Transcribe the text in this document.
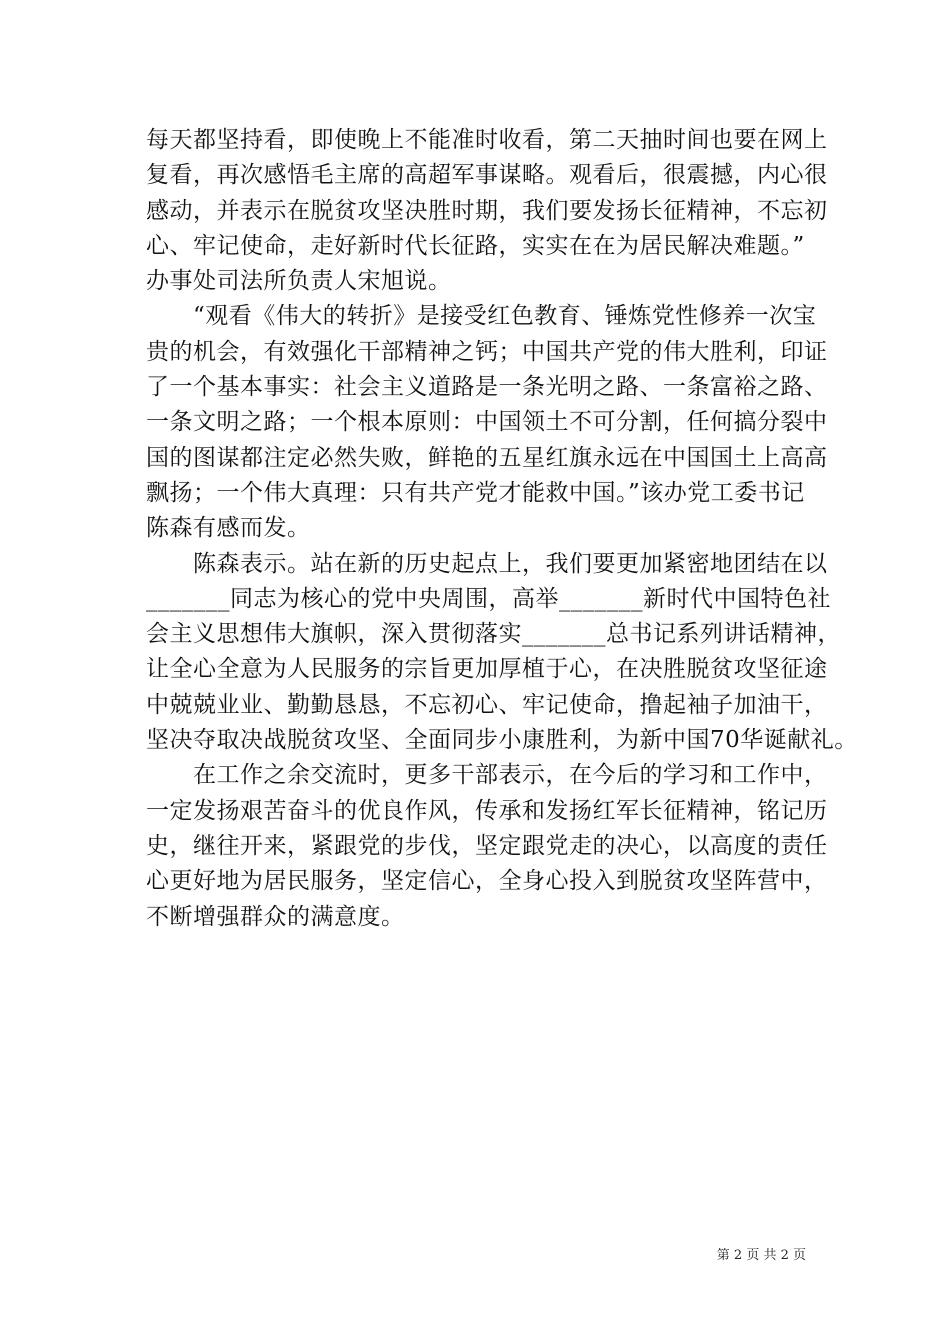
每天都坚持看，即使晚上不能准时收看，第二天抽时间也要在网上
复看，再次感悟毛主席的高超军事谋略。观看后，很震撼，内心很
感动，并表示在脱贫攻坚决胜时期，我们要发扬长征精神，不忘初
心、牢记使命，走好新时代长征路，实实在在为居民解决难题。”
办事处司法所负责人宋旭说。
　　“观看《伟大的转折》是接受红色教育、锤炼党性修养一次宝
贵的机会，有效强化干部精神之钙；中国共产党的伟大胜利，印证
了一个基本事实：社会主义道路是一条光明之路、一条富裕之路、
一条文明之路；一个根本原则：中国领土不可分割，任何搞分裂中
国的图谋都注定必然失败，鲜艳的五星红旗永远在中国国土上高高
飘扬；一个伟大真理：只有共产党才能救中国。”该办党工委书记
陈森有感而发。
　　陈森表示。站在新的历史起点上，我们要更加紧密地团结在以
_______同志为核心的党中央周围，高举_______新时代中国特色社
会主义思想伟大旗帜，深入贯彻落实_______总书记系列讲话精神，
让全心全意为人民服务的宗旨更加厚植于心，在决胜脱贫攻坚征途
中兢兢业业、勤勤恳恳，不忘初心、牢记使命，撸起袖子加油干，
坚决夺取决战脱贫攻坚、全面同步小康胜利，为新中国70华诞献礼。
　　在工作之余交流时，更多干部表示，在今后的学习和工作中，
一定发扬艰苦奋斗的优良作风，传承和发扬红军长征精神，铭记历
史，继往开来，紧跟党的步伐，坚定跟党走的决心，以高度的责任
心更好地为居民服务，坚定信心，全身心投入到脱贫攻坚阵营中，
不断增强群众的满意度。
第 2 页 共 2 页
